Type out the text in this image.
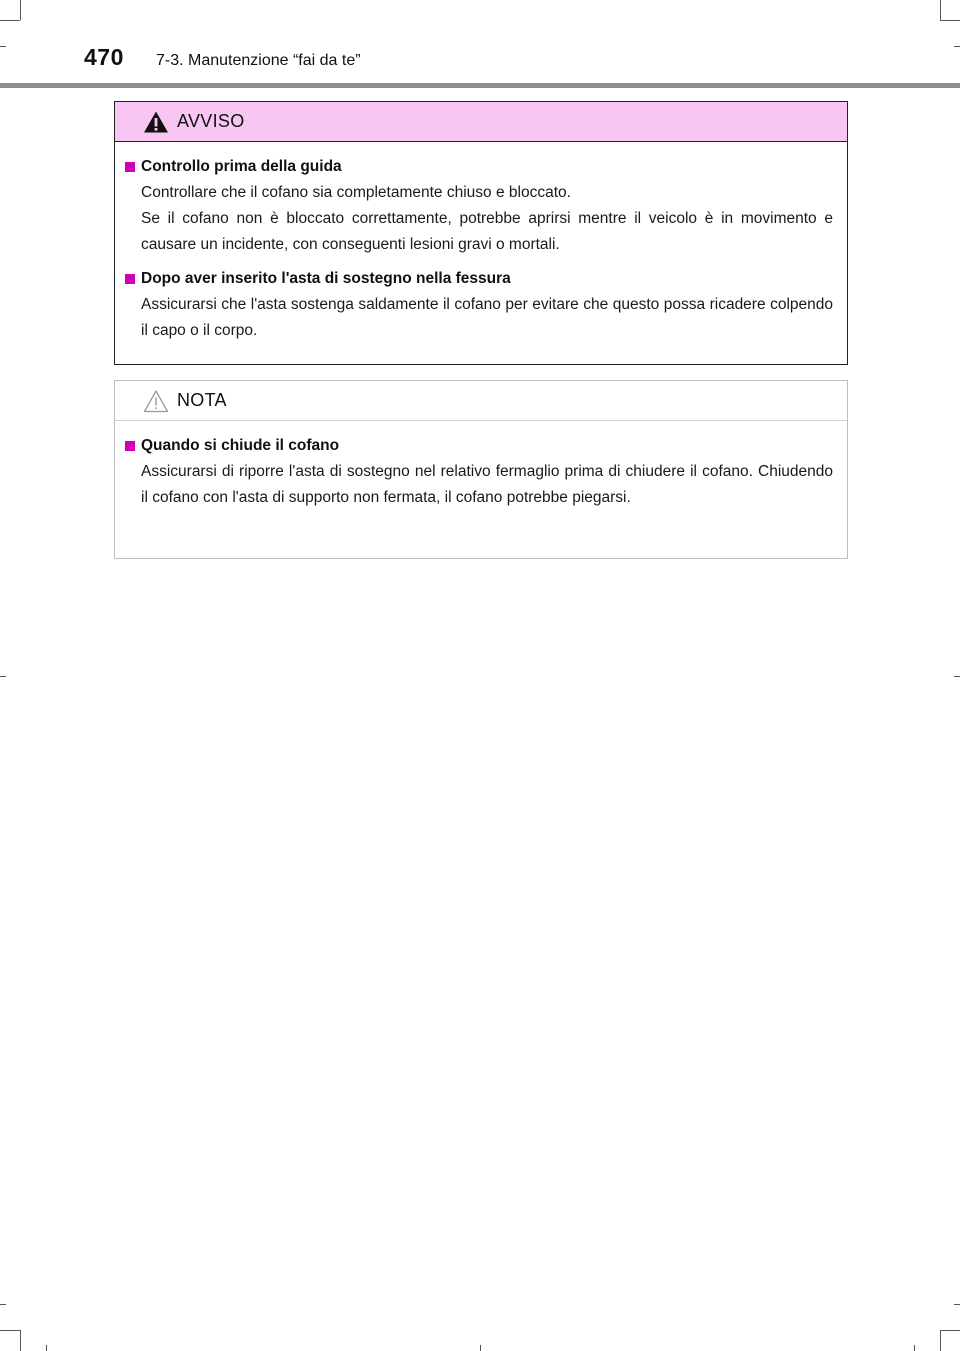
470 7-3. Manutenzione “fai da te”
AVVISO
Controllo prima della guida

Controllare che il cofano sia completamente chiuso e bloccato.

Se il cofano non è bloccato correttamente, potrebbe aprirsi mentre il veicolo è in movimento e causare un incidente, con conseguenti lesioni gravi o mortali.

Dopo aver inserito l'asta di sostegno nella fessura

Assicurarsi che l'asta sostenga saldamente il cofano per evitare che questo possa ricadere colpendo il capo o il corpo.

NOTA
Quando si chiude il cofano

Assicurarsi di riporre l'asta di sostegno nel relativo fermaglio prima di chiudere il cofano. Chiudendo il cofano con l'asta di supporto non fermata, il cofano potrebbe piegarsi.
